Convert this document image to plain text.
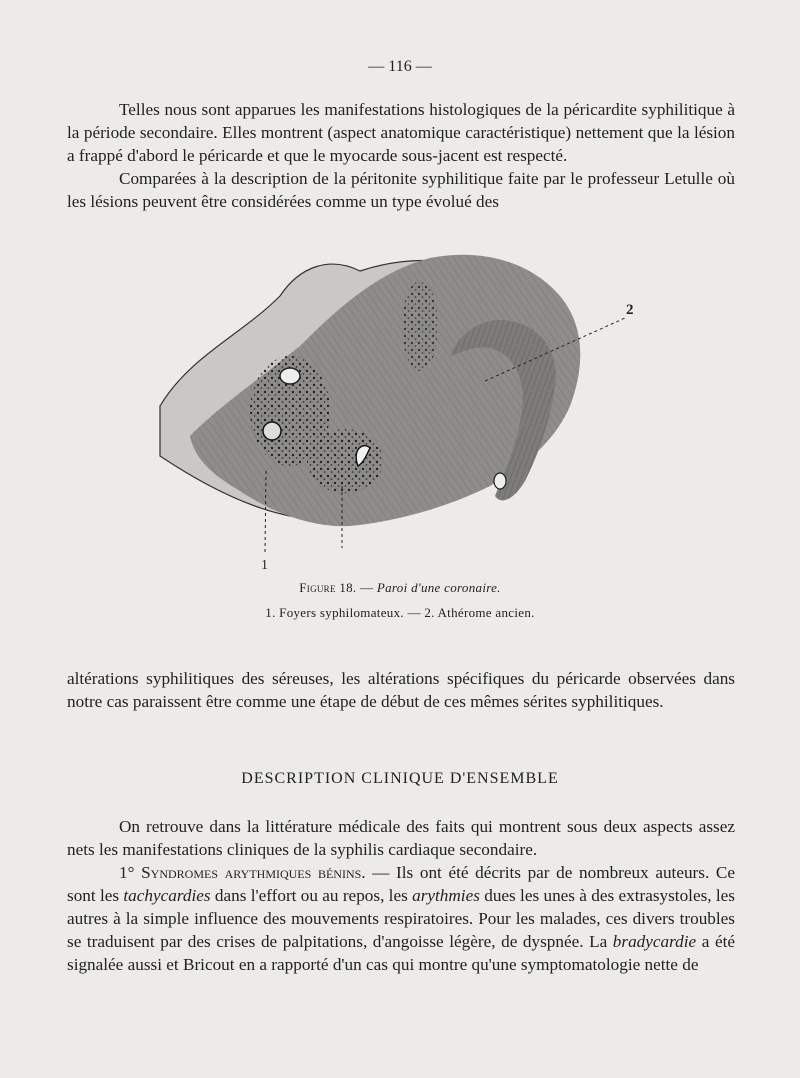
— 116 —

Telles nous sont apparues les manifestations histologiques de la péricardite syphilitique à la période secondaire. Elles montrent (aspect anatomique caractéristique) nettement que la lésion a frappé d'abord le péricarde et que le myocarde sous-jacent est respecté.

Comparées à la description de la péritonite syphilitique faite par le professeur Letulle où les lésions peuvent être considérées comme un type évolué des

1
2
Figure 18. — Paroi d'une coronaire.
1. Foyers syphilomateux. — 2. Athérome ancien.

altérations syphilitiques des séreuses, les altérations spécifiques du péricarde observées dans notre cas paraissent être comme une étape de début de ces mêmes sérites syphilitiques.

DESCRIPTION CLINIQUE D'ENSEMBLE

On retrouve dans la littérature médicale des faits qui montrent sous deux aspects assez nets les manifestations cliniques de la syphilis cardiaque secondaire.

1° Syndromes arythmiques bénins. — Ils ont été décrits par de nombreux auteurs. Ce sont les tachycardies dans l'effort ou au repos, les arythmies dues les unes à des extrasystoles, les autres à la simple influence des mouvements respiratoires. Pour les malades, ces divers troubles se traduisent par des crises de palpitations, d'angoisse légère, de dyspnée. La bradycardie a été signalée aussi et Bricout en a rapporté d'un cas qui montre qu'une symptomatologie nette de
